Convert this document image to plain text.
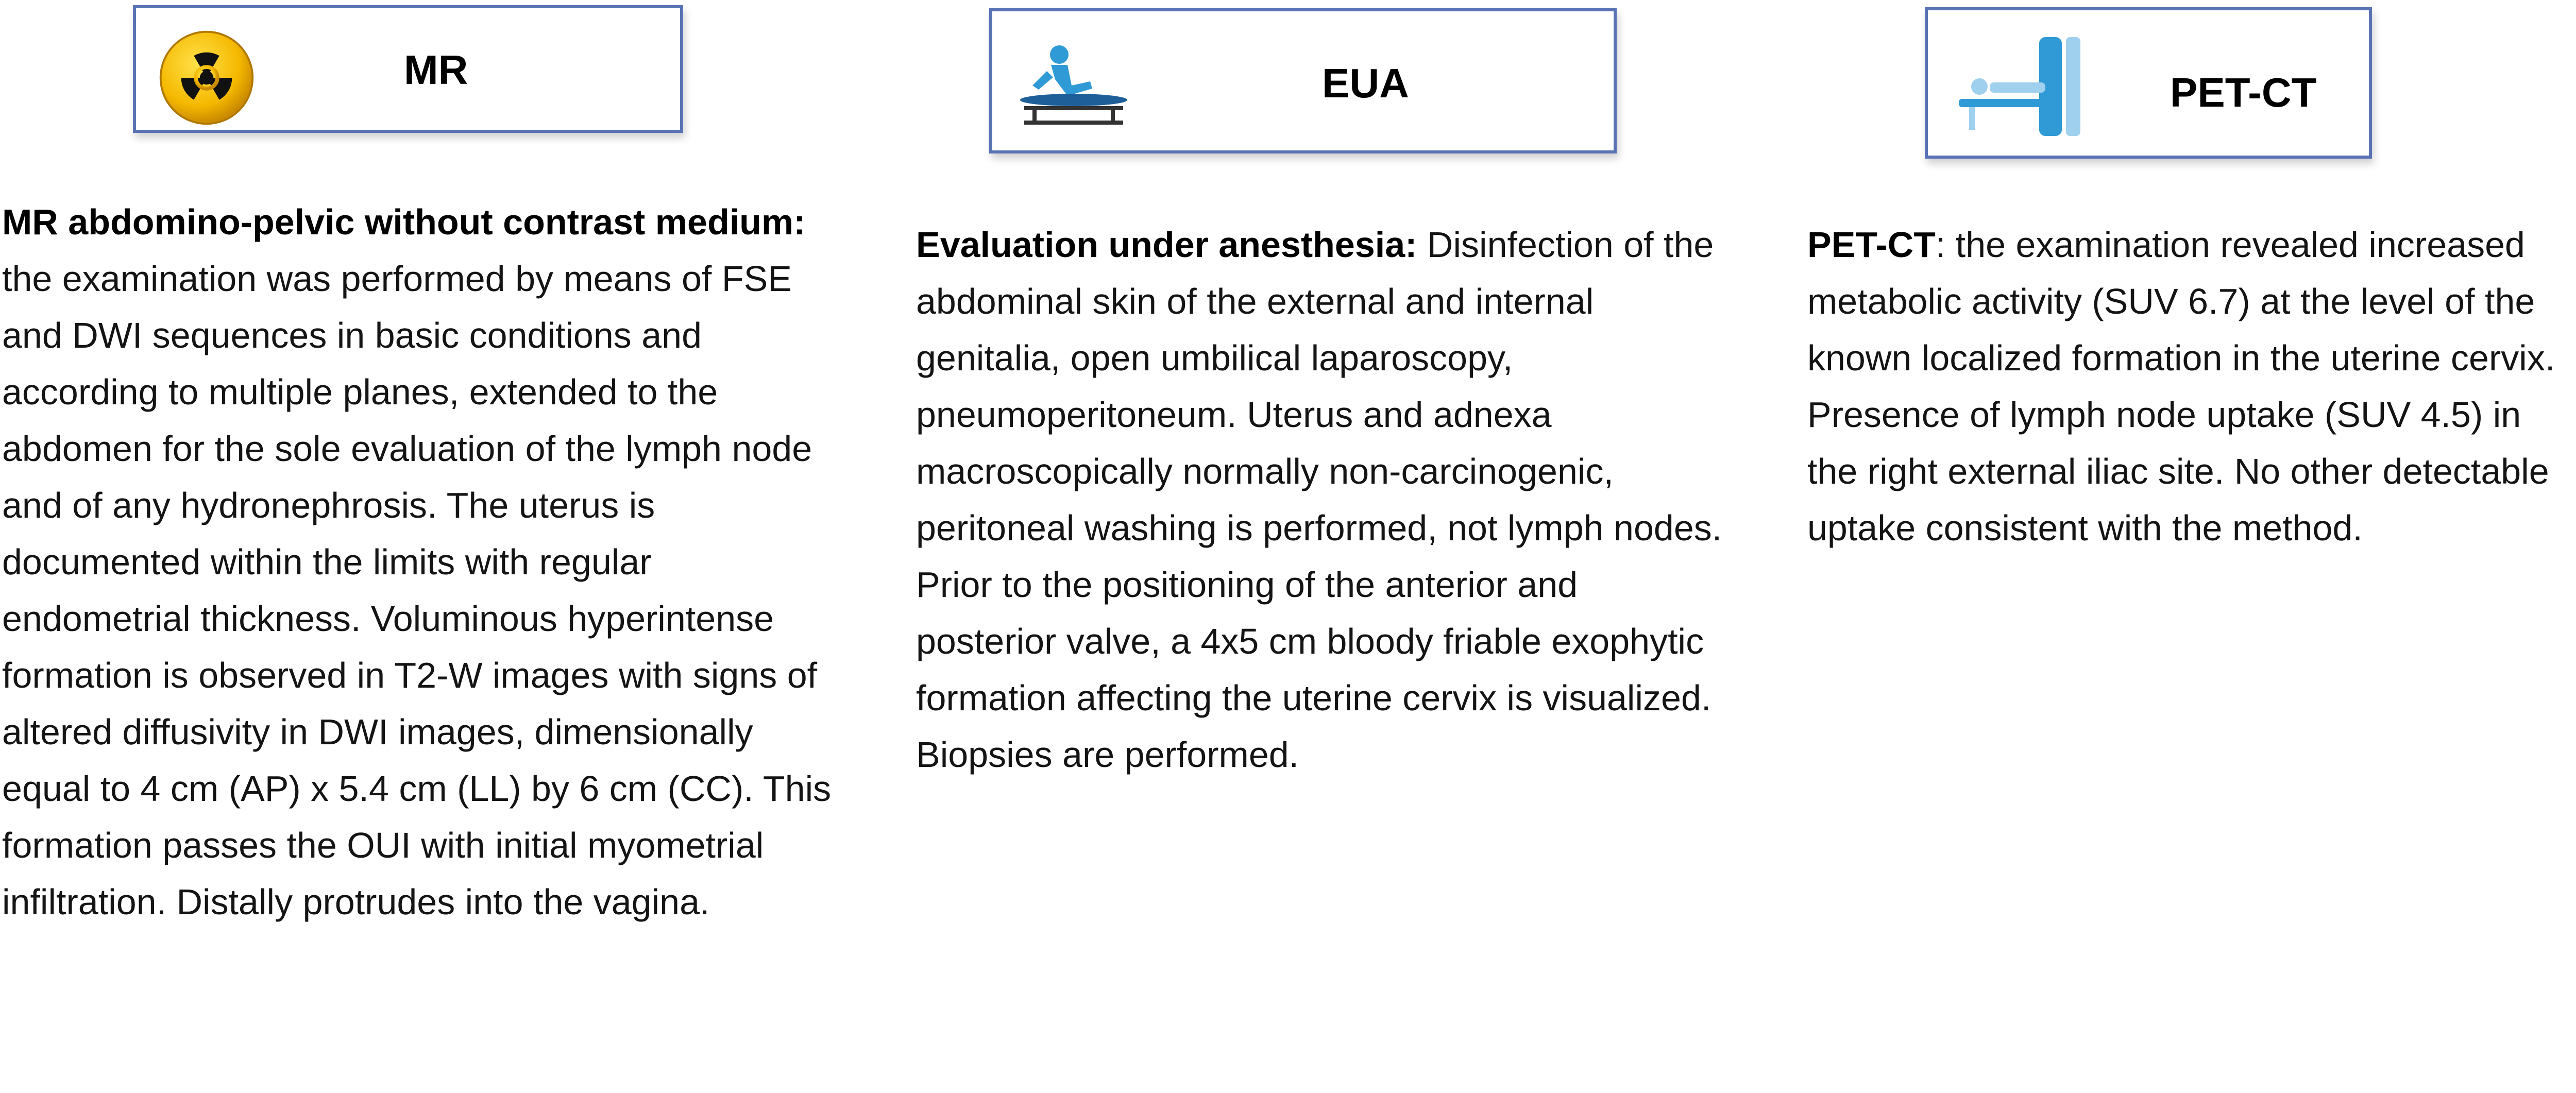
MR	EUA	PET-CT

MR abdomino-pelvic without contrast medium: the examination was performed by means of FSE and DWI sequences in basic conditions and according to multiple planes, extended to the abdomen for the sole evaluation of the lymph node and of any hydronephrosis. The uterus is documented within the limits with regular endometrial thickness. Voluminous hyperintense formation is observed in T2-W images with signs of altered diffusivity in DWI images, dimensionally equal to 4 cm (AP) x 5.4 cm (LL) by 6 cm (CC). This formation passes the OUI with initial myometrial infiltration. Distally protrudes into the vagina.

Evaluation under anesthesia: Disinfection of the abdominal skin of the external and internal genitalia, open umbilical laparoscopy, pneumoperitoneum. Uterus and adnexa macroscopically normally non-carcinogenic, peritoneal washing is performed, not lymph nodes. Prior to the positioning of the anterior and posterior valve, a 4x5 cm bloody friable exophytic formation affecting the uterine cervix is visualized. Biopsies are performed.

PET-CT: the examination revealed increased metabolic activity (SUV 6.7) at the level of the known localized formation in the uterine cervix. Presence of lymph node uptake (SUV 4.5) in the right external iliac site. No other detectable uptake consistent with the method.
